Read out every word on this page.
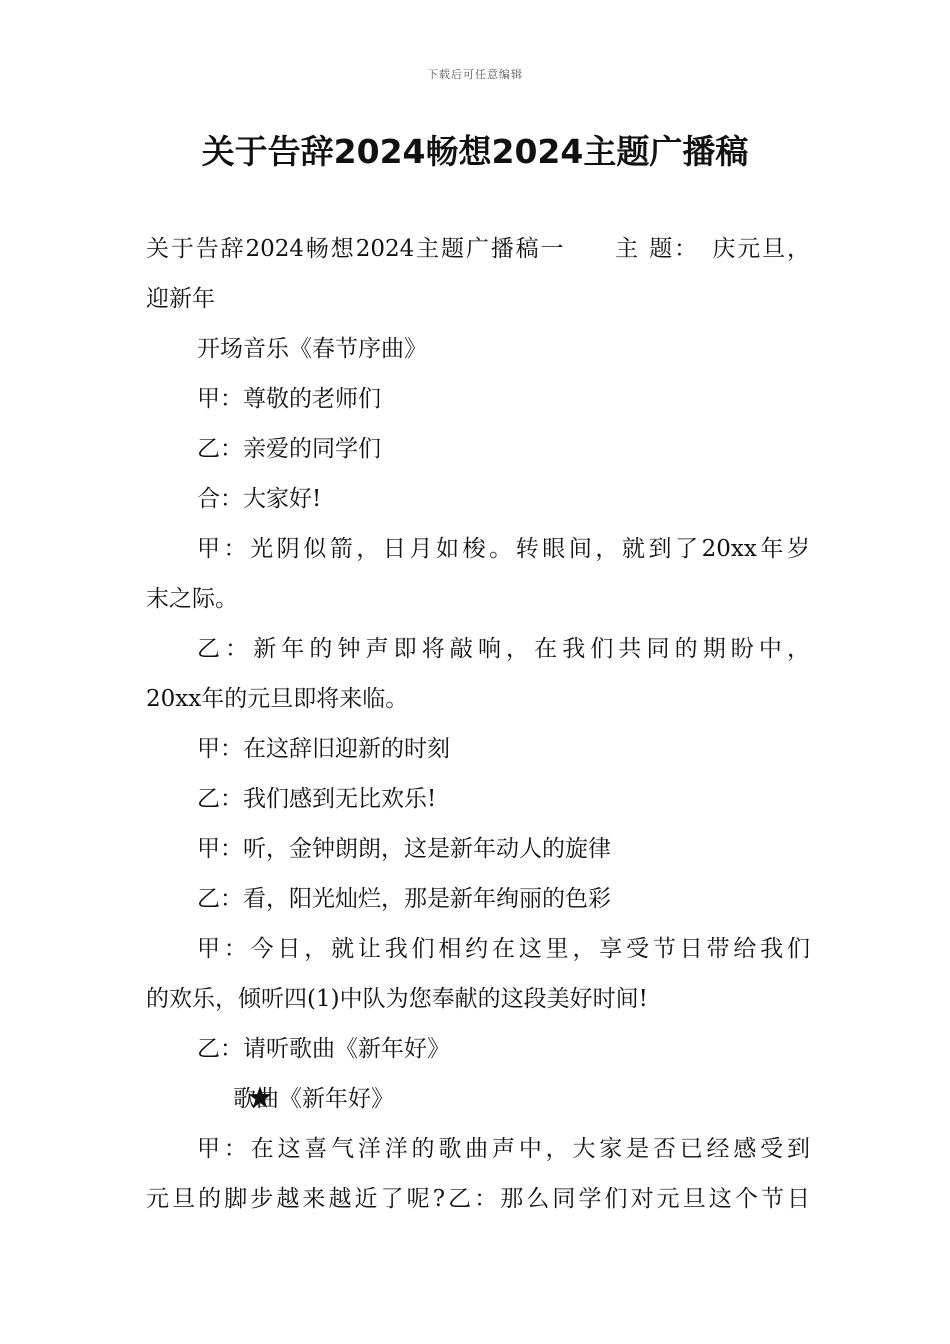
下载后可任意编辑
关于告辞2024畅想2024主题广播稿

关于告辞2024畅想2024主题广播稿一　　主 题：　庆元旦，

迎新年

开场音乐《春节序曲》

甲：尊敬的老师们

乙：亲爱的同学们

合：大家好!

甲：光阴似箭，日月如梭。转眼间，就到了20xx年岁

末之际。

乙：新年的钟声即将敲响，在我们共同的期盼中，

20xx年的元旦即将来临。

甲：在这辞旧迎新的时刻

乙：我们感到无比欢乐!

甲：听，金钟朗朗，这是新年动人的旋律

乙：看，阳光灿烂，那是新年绚丽的色彩

甲：今日，就让我们相约在这里，享受节日带给我们

的欢乐，倾听四(1)中队为您奉献的这段美好时间!

乙：请听歌曲《新年好》

歌曲《新年好》

甲：在这喜气洋洋的歌曲声中，大家是否已经感受到

元旦的脚步越来越近了呢?乙：那么同学们对元旦这个节日
